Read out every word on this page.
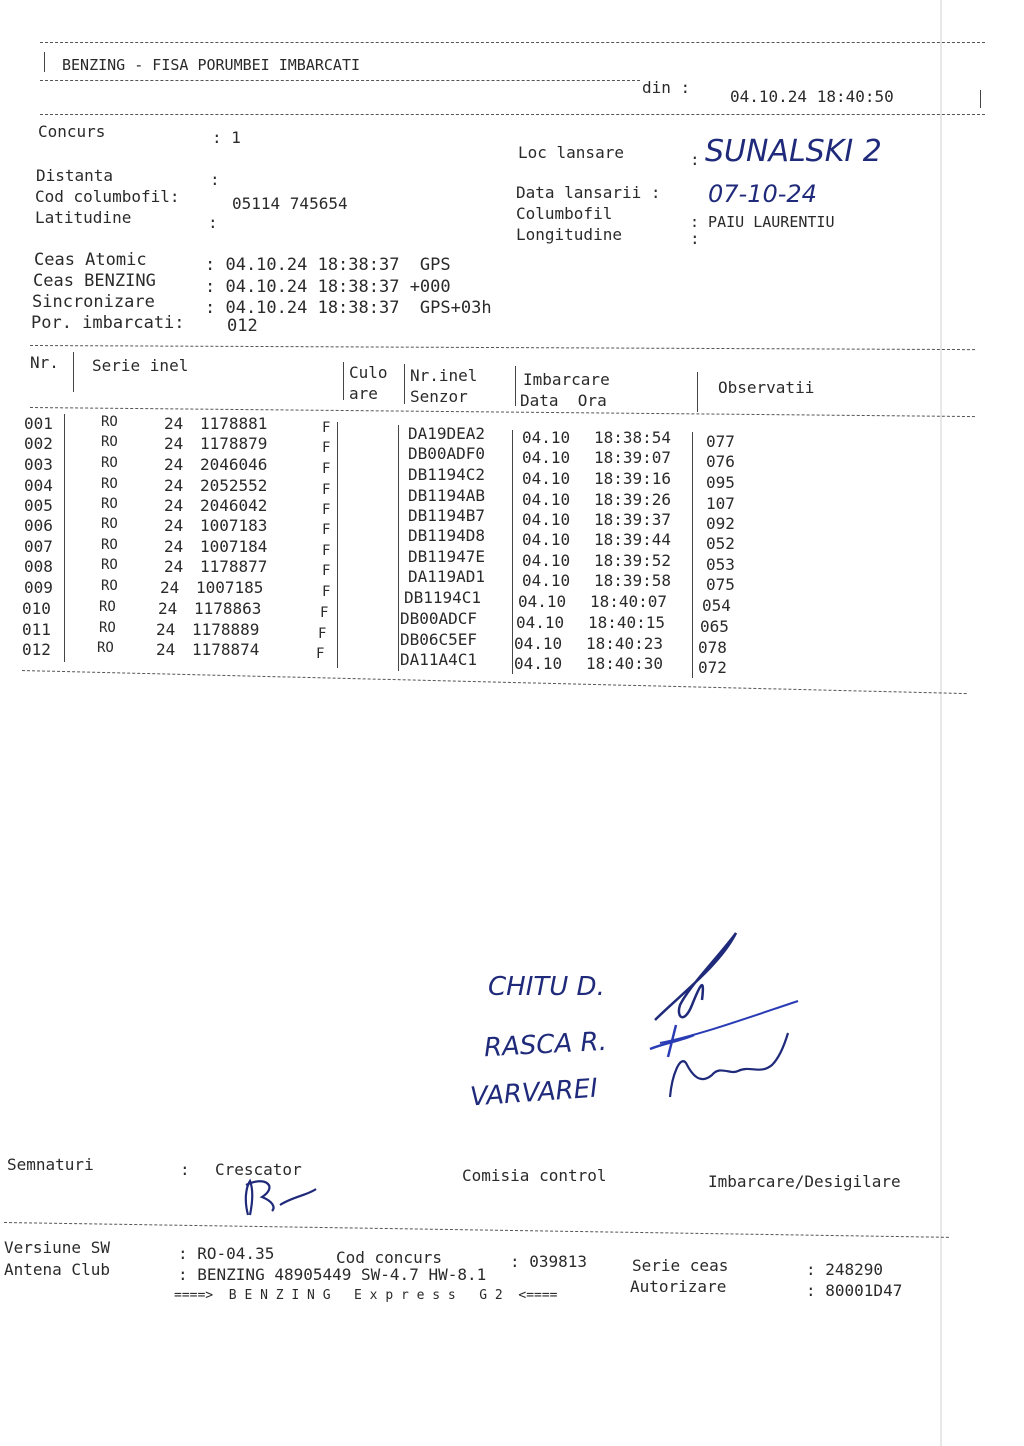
BENZING - FISA PORUMBEI IMBARCATI
din : 04.10.24 18:40:50
Concurs	: 1
Distanta	:
Cod columbofil:	05114 745654
Latitudine	:
Loc lansare	: SUNALSKI 2
Data lansarii : 07-10-24
Columbofil	: PAIU LAURENTIU
Longitudine	:
Ceas Atomic	: 04.10.24 18:38:37  GPS
Ceas BENZING	: 04.10.24 18:38:37 +000
Sincronizare	: 04.10.24 18:38:37  GPS+03h
Por. imbarcati: 012
Nr. Serie inel	Culo
are
Nr.inel
Senzor
Imbarcare
Data  Ora
Observatii
001	RO	24 1178881	F	DA19DEA2 04.10 18:38:54 077
002	RO	24 1178879	F	DB00ADF0 04.10 18:39:07 076
003	RO	24 2046046	F	DB1194C2 04.10 18:39:16 095
004	RO	24 2052552	F	DB1194AB 04.10 18:39:26 107
005	RO	24 2046042	F	DB1194B7 04.10 18:39:37 092
006	RO	24 1007183	F	DB1194D8 04.10 18:39:44 052
007	RO	24 1007184	F	DB11947E 04.10 18:39:52 053
008	RO	24 1178877	F	DA119AD1 04.10 18:39:58 075
009	RO	24 1007185	F	DB1194C1 04.10 18:40:07 054
010	RO	24 1178863	F	DB00ADCF 04.10 18:40:15 065
011	RO	24 1178889	F	DB06C5EF 04.10 18:40:23 078
012	RO	24 1178874	F	DA11A4C1 04.10 18:40:30 072
CHITU D.
RASCA R.
VARVAREI
Semnaturi	: Crescator	Comisia control	Imbarcare/Desigilare
Versiune SW	: RO-04.35	Cod concurs	: 039813	Serie ceas	: 248290
Antena Club	: BENZING 48905449 SW-4.7 HW-8.1
Autorizare	: 80001D47
====>  B E N Z I N G   E x p r e s s   G 2  <====
